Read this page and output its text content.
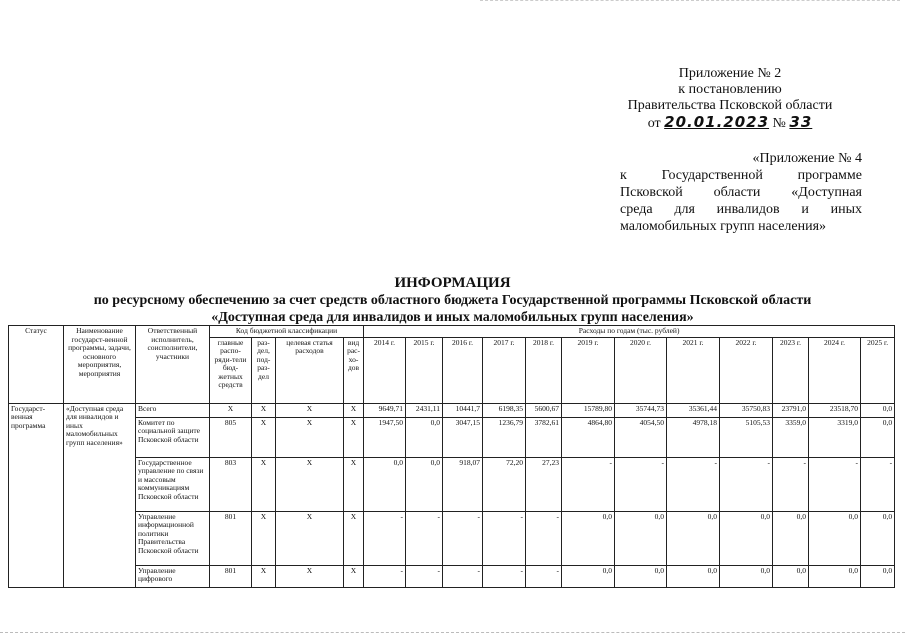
Приложение № 2
к постановлению
Правительства Псковской области
от 20.01.2023 № 33
«Приложение № 4
к Государственной программе
Псковской области «Доступная
среда для инвалидов и иных
маломобильных групп населения»
ИНФОРМАЦИЯ
по ресурсному обеспечению за счет средств областного бюджета Государственной программы Псковской области
«Доступная среда для инвалидов и иных маломобильных групп населения»
Статус	Наименование государст-венной программы, задачи, основного мероприятия, мероприятия	Ответственный исполнитель, соисполнители, участники	Код бюджетной классификации				Расходы по годам (тыс. рублей)											
			главные распо-ряди-тели бюд-жетных средств	раз-дел, под-раз-дел	целевая статья расходов	вид рас-хо-дов	2014 г.	2015 г.	2016 г.	2017 г.	2018 г.	2019 г.	2020 г.	2021 г.	2022 г.	2023 г.	2024 г.	2025 г.
Государст-венная программа	«Доступная среда для инвалидов и иных маломобильных групп населения»	Всего	X	X	X	X	9649,71	2431,11	10441,7	6198,35	5600,67	15789,80	35744,73	35361,44	35750,83	23791,0	23518,70	0,0
		Комитет по социальной защите Псковской области	805	X	X	X	1947,50	0,0	3047,15	1236,79	3782,61	4864,80	4054,50	4978,18	5105,53	3359,0	3319,0	0,0
		Государственное управление по связи и массовым коммуникациям Псковской области	803	X	X	X	0,0	0,0	918,07	72,20	27,23	-	-	-	-	-	-	-
		Управление информационной политики Правительства Псковской области	801	X	X	X	-	-	-	-	-	0,0	0,0	0,0	0,0	0,0	0,0	0,0
		Управление цифрового	801	X	X	X	-	-	-	-	-	0,0	0,0	0,0	0,0	0,0	0,0	0,0
